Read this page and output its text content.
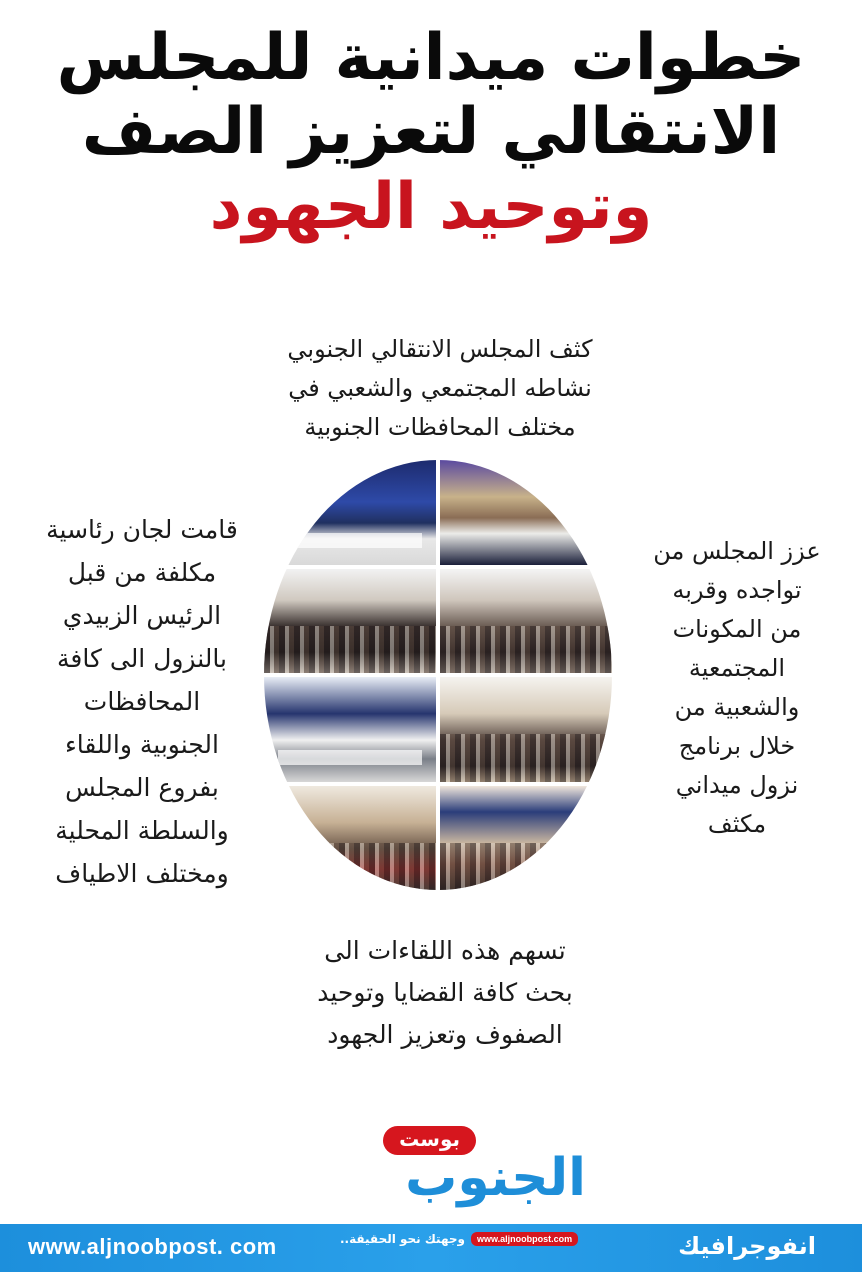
خطوات ميدانية للمجلس
الانتقالي لتعزيز الصف
وتوحيد الجهود
كثف المجلس الانتقالي الجنوبي
نشاطه المجتمعي والشعبي في
مختلف المحافظات الجنوبية
قامت لجان رئاسية
مكلفة من قبل
الرئيس الزبيدي
بالنزول الى كافة
المحافظات
الجنوبية واللقاء
بفروع المجلس
والسلطة المحلية
ومختلف الاطياف
عزز المجلس من
تواجده وقربه
من المكونات
المجتمعية
والشعبية من
خلال برنامج
نزول ميداني
مكثف
تسهم هذه اللقاءات الى
بحث كافة القضايا وتوحيد
الصفوف وتعزيز الجهود
بوست
الجنوب
www.aljnoobpost. com	www.aljnoobpost.com
وجهتك نحو الحقيقة..	انفوجرافيك
